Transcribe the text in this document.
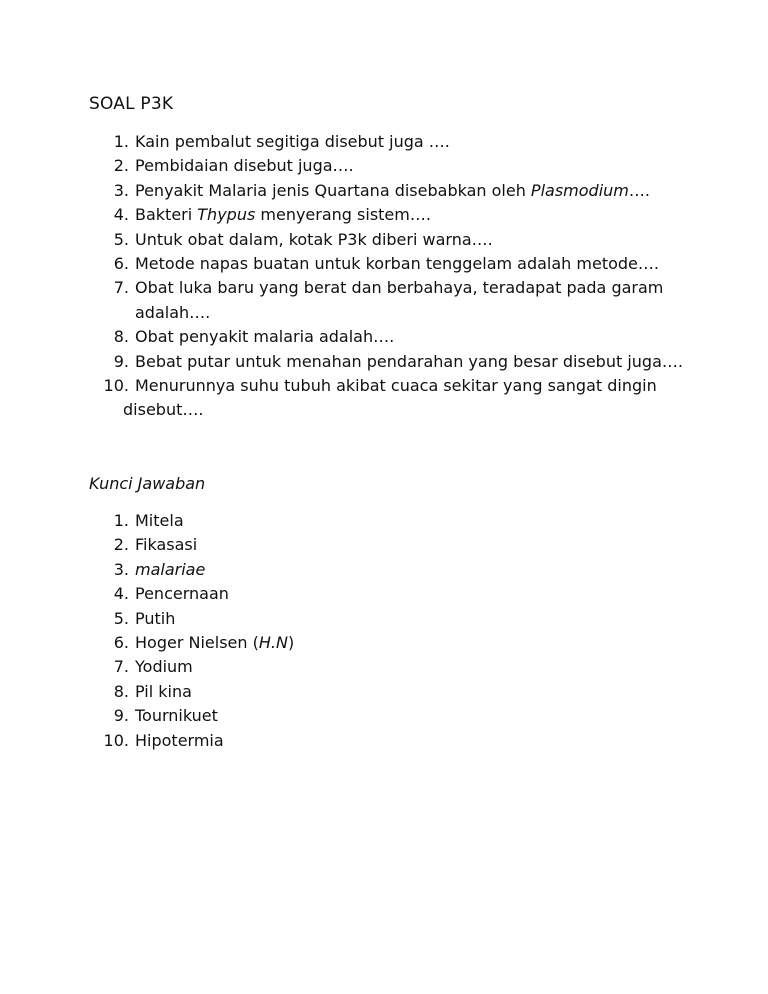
SOAL P3K
1. Kain pembalut segitiga disebut juga ….
2. Pembidaian disebut juga….
3. Penyakit Malaria jenis Quartana disebabkan oleh Plasmodium….
4. Bakteri Thypus menyerang sistem….
5. Untuk obat dalam, kotak P3k diberi warna….
6. Metode napas buatan untuk korban tenggelam adalah metode….
7. Obat luka baru yang berat dan berbahaya, teradapat pada garam
adalah….
8. Obat penyakit malaria adalah….
9. Bebat putar untuk menahan pendarahan yang besar disebut juga….
10. Menurunnya suhu tubuh akibat cuaca sekitar yang sangat dingin
disebut….
Kunci Jawaban
1. Mitela
2. Fikasasi
3. malariae
4. Pencernaan
5. Putih
6. Hoger Nielsen (H.N)
7. Yodium
8. Pil kina
9. Tournikuet
10. Hipotermia
